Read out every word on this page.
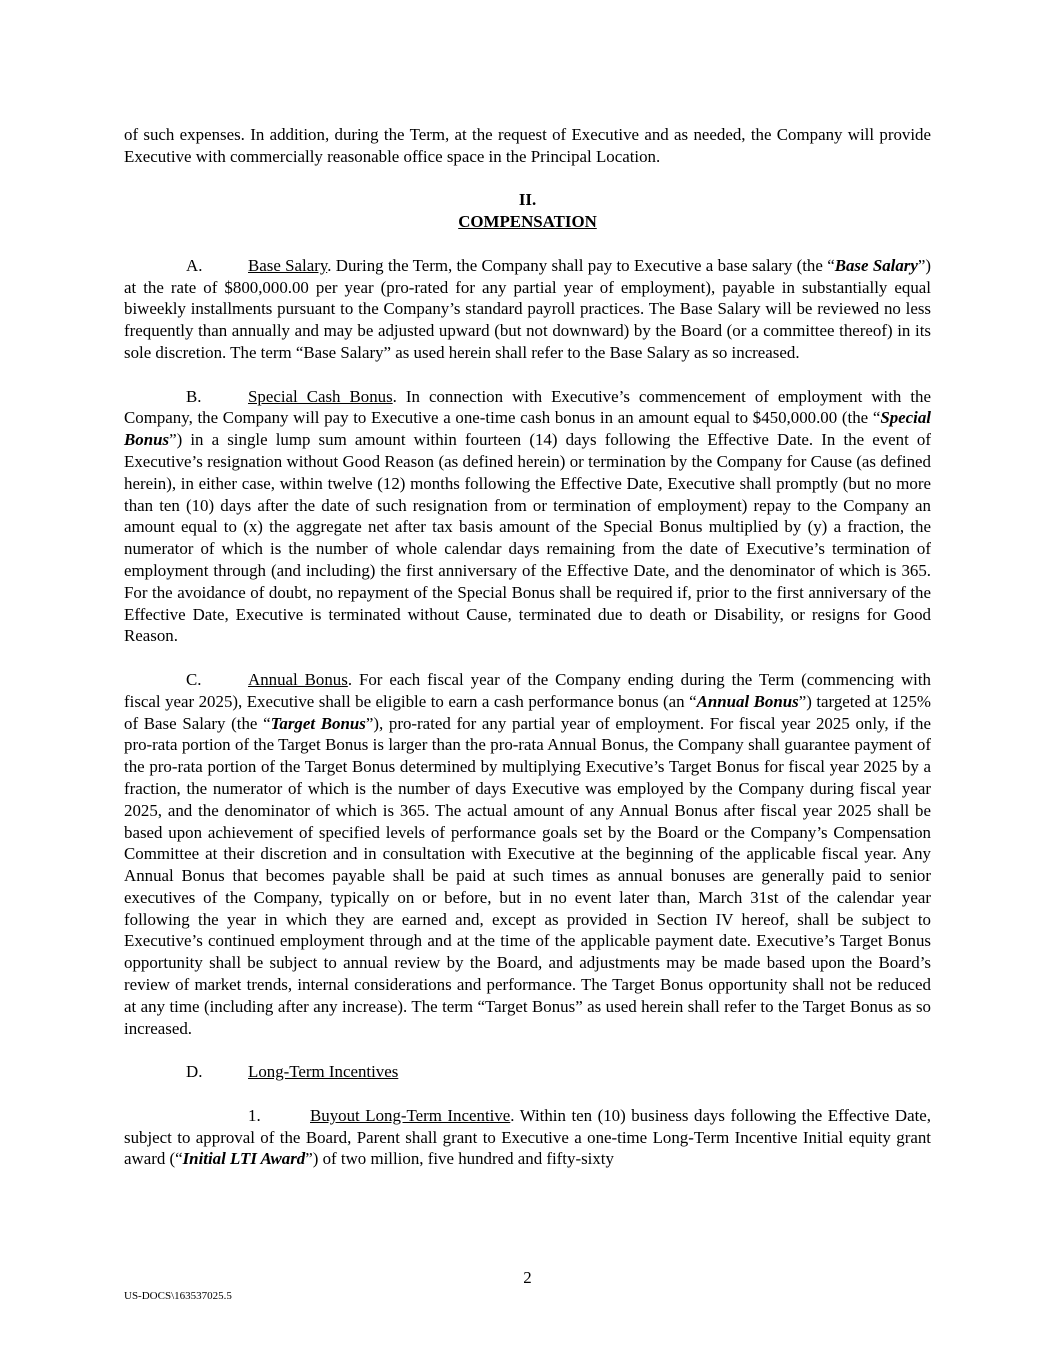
of such expenses. In addition, during the Term, at the request of Executive and as needed, the Company will provide Executive with commercially reasonable office space in the Principal Location.

II.
COMPENSATION

A.	Base Salary. During the Term, the Company shall pay to Executive a base salary (the “Base Salary”) at the rate of $800,000.00 per year (pro-rated for any partial year of employment), payable in substantially equal biweekly installments pursuant to the Company’s standard payroll practices. The Base Salary will be reviewed no less frequently than annually and may be adjusted upward (but not downward) by the Board (or a committee thereof) in its sole discretion. The term “Base Salary” as used herein shall refer to the Base Salary as so increased.

B.	Special Cash Bonus. In connection with Executive’s commencement of employment with the Company, the Company will pay to Executive a one-time cash bonus in an amount equal to $450,000.00 (the “Special Bonus”) in a single lump sum amount within fourteen (14) days following the Effective Date. In the event of Executive’s resignation without Good Reason (as defined herein) or termination by the Company for Cause (as defined herein), in either case, within twelve (12) months following the Effective Date, Executive shall promptly (but no more than ten (10) days after the date of such resignation from or termination of employment) repay to the Company an amount equal to (x) the aggregate net after tax basis amount of the Special Bonus multiplied by (y) a fraction, the numerator of which is the number of whole calendar days remaining from the date of Executive’s termination of employment through (and including) the first anniversary of the Effective Date, and the denominator of which is 365. For the avoidance of doubt, no repayment of the Special Bonus shall be required if, prior to the first anniversary of the Effective Date, Executive is terminated without Cause, terminated due to death or Disability, or resigns for Good Reason.

C.	Annual Bonus. For each fiscal year of the Company ending during the Term (commencing with fiscal year 2025), Executive shall be eligible to earn a cash performance bonus (an “Annual Bonus”) targeted at 125% of Base Salary (the “Target Bonus”), pro-rated for any partial year of employment. For fiscal year 2025 only, if the pro-rata portion of the Target Bonus is larger than the pro-rata Annual Bonus, the Company shall guarantee payment of the pro-rata portion of the Target Bonus determined by multiplying Executive’s Target Bonus for fiscal year 2025 by a fraction, the numerator of which is the number of days Executive was employed by the Company during fiscal year 2025, and the denominator of which is 365. The actual amount of any Annual Bonus after fiscal year 2025 shall be based upon achievement of specified levels of performance goals set by the Board or the Company’s Compensation Committee at their discretion and in consultation with Executive at the beginning of the applicable fiscal year. Any Annual Bonus that becomes payable shall be paid at such times as annual bonuses are generally paid to senior executives of the Company, typically on or before, but in no event later than, March 31st of the calendar year following the year in which they are earned and, except as provided in Section IV hereof, shall be subject to Executive’s continued employment through and at the time of the applicable payment date. Executive’s Target Bonus opportunity shall be subject to annual review by the Board, and adjustments may be made based upon the Board’s review of market trends, internal considerations and performance. The Target Bonus opportunity shall not be reduced at any time (including after any increase). The term “Target Bonus” as used herein shall refer to the Target Bonus as so increased.

D.	Long-Term Incentives

1.	Buyout Long-Term Incentive. Within ten (10) business days following the Effective Date, subject to approval of the Board, Parent shall grant to Executive a one-time Long-Term Incentive Initial equity grant award (“Initial LTI Award”) of two million, five hundred and fifty-sixty

2
US-DOCS\163537025.5
